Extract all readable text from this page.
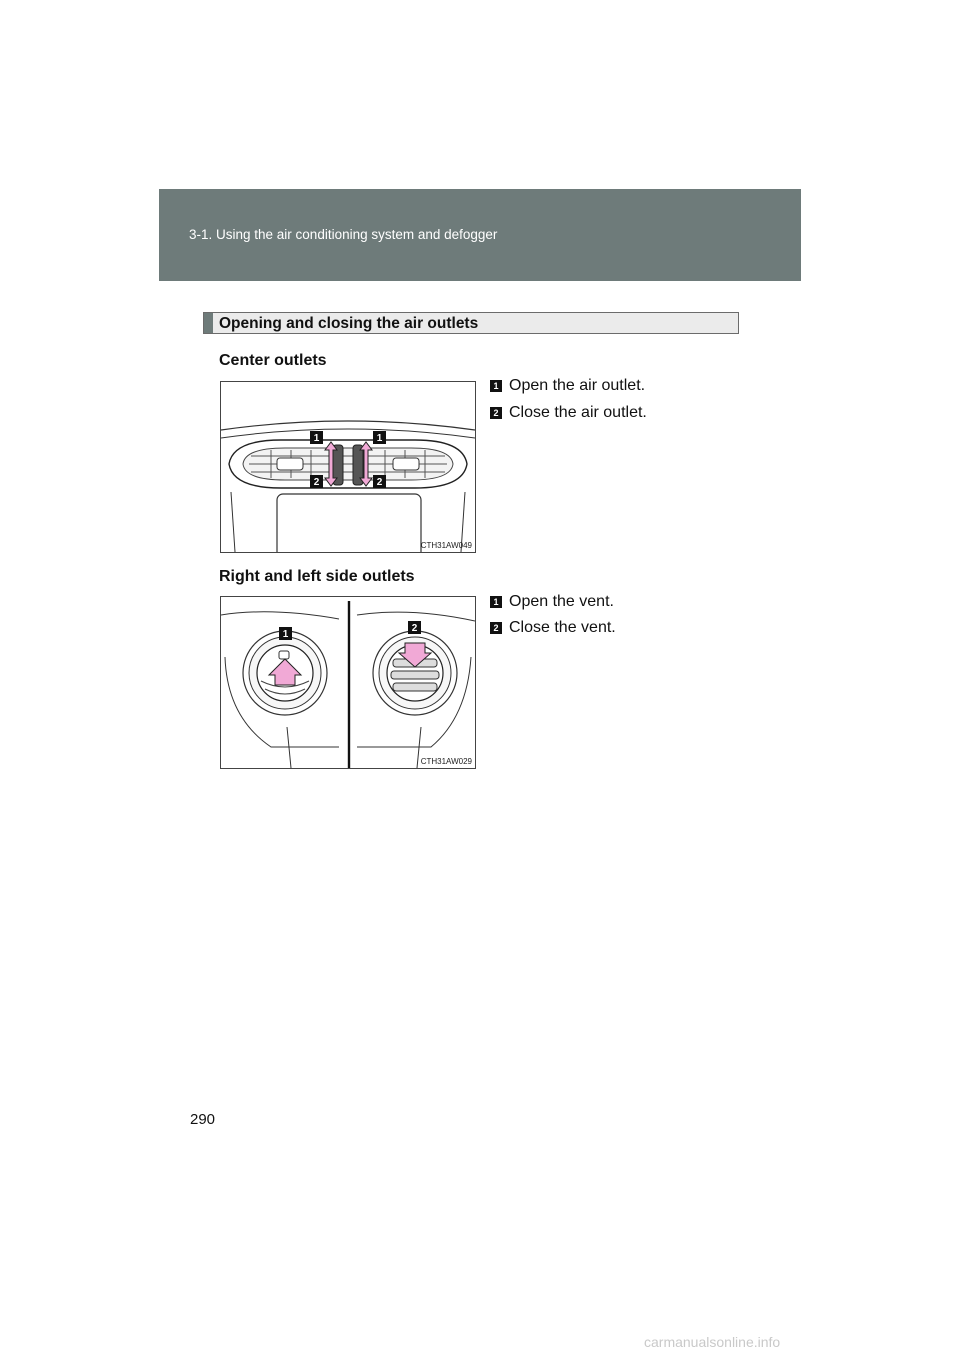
3-1. Using the air conditioning system and defogger
Opening and closing the air outlets
Center outlets
1	1
2	2
CTH31AW049
1 Open the air outlet.
2 Close the air outlet.
Right and left side outlets
1
2
CTH31AW029
1 Open the vent.
2 Close the vent.
290
carmanualsonline.info
